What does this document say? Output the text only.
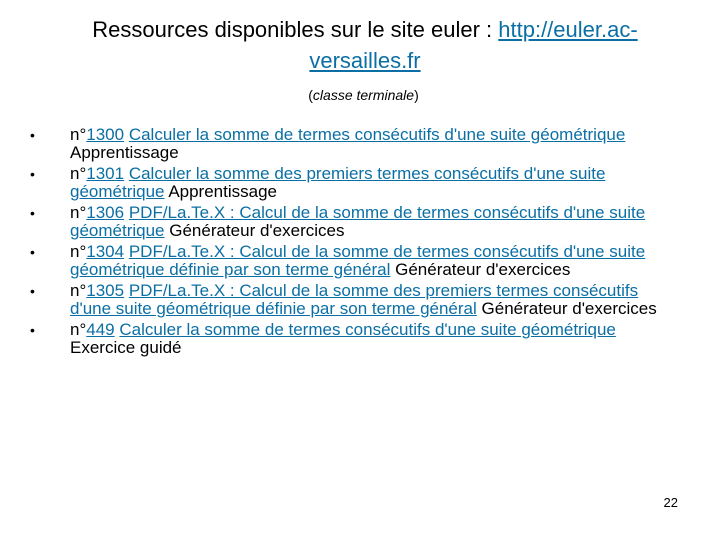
Ressources disponibles sur le site euler : http://euler.ac-versailles.fr
(classe terminale)
• n°1300 Calculer la somme de termes consécutifs d'une suite géométrique Apprentissage
• n°1301 Calculer la somme des premiers termes consécutifs d'une suite géométrique Apprentissage
• n°1306 PDF/La.Te.X : Calcul de la somme de termes consécutifs d'une suite géométrique Générateur d'exercices
• n°1304 PDF/La.Te.X : Calcul de la somme de termes consécutifs d'une suite géométrique définie par son terme général Générateur d'exercices
• n°1305 PDF/La.Te.X : Calcul de la somme des premiers termes consécutifs d'une suite géométrique définie par son terme général Générateur d'exercices
• n°449 Calculer la somme de termes consécutifs d'une suite géométrique Exercice guidé
22
